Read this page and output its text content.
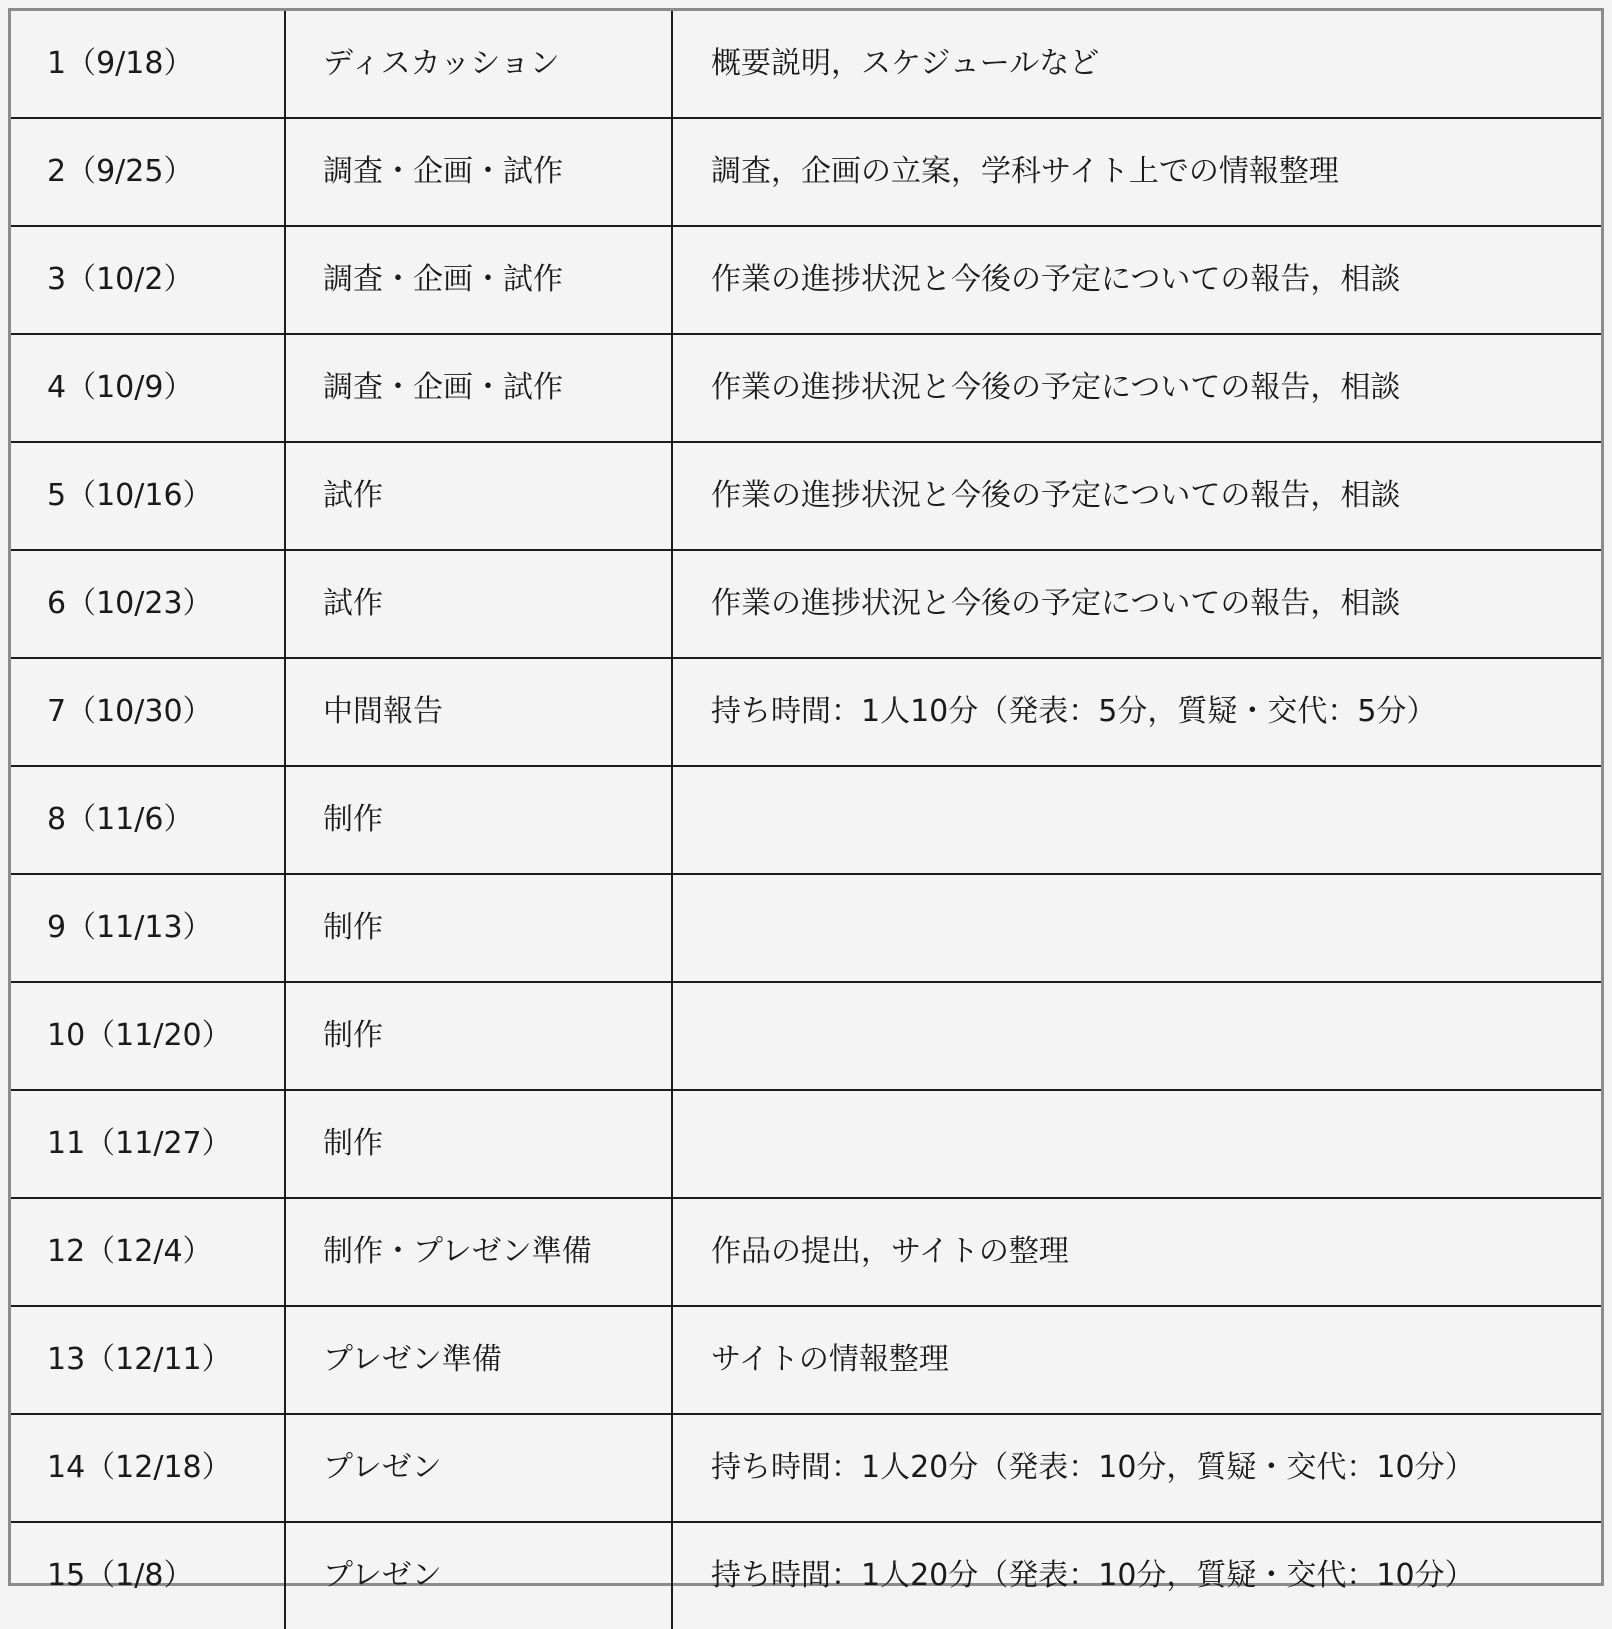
1（9/18）	ディスカッション	概要説明，スケジュールなど
2（9/25）	調査・企画・試作	調査，企画の立案，学科サイト上での情報整理
3（10/2）	調査・企画・試作	作業の進捗状況と今後の予定についての報告，相談
4（10/9）	調査・企画・試作	作業の進捗状況と今後の予定についての報告，相談
5（10/16）	試作	作業の進捗状況と今後の予定についての報告，相談
6（10/23）	試作	作業の進捗状況と今後の予定についての報告，相談
7（10/30）	中間報告	持ち時間：1人10分（発表：5分，質疑・交代：5分）
8（11/6）	制作	
9（11/13）	制作	
10（11/20）	制作	
11（11/27）	制作	
12（12/4）	制作・プレゼン準備	作品の提出，サイトの整理
13（12/11）	プレゼン準備	サイトの情報整理
14（12/18）	プレゼン	持ち時間：1人20分（発表：10分，質疑・交代：10分）
15（1/8）	プレゼン	持ち時間：1人20分（発表：10分，質疑・交代：10分）
